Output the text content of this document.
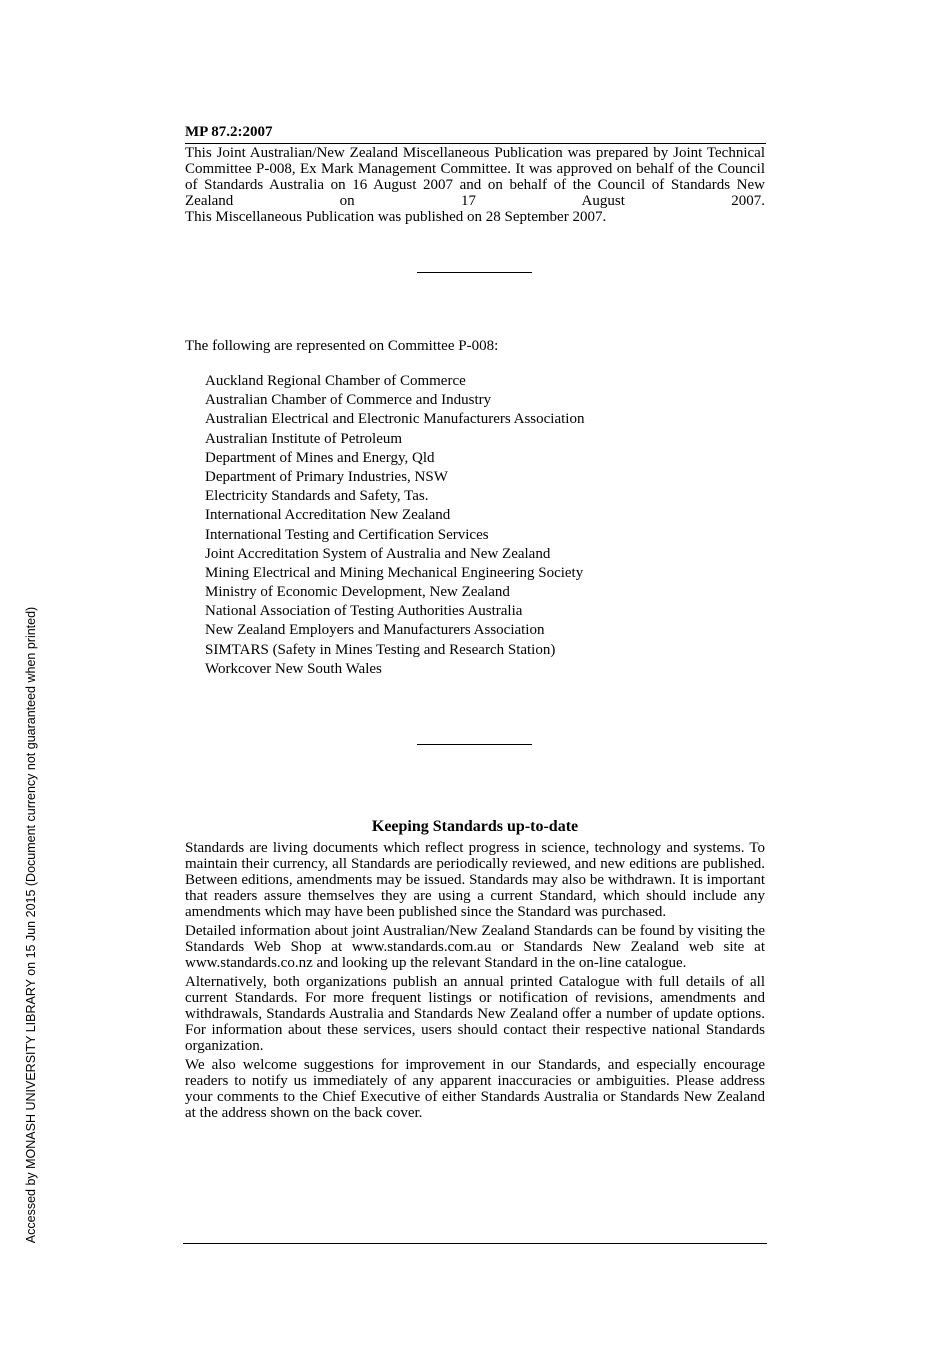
MP 87.2:2007

This Joint Australian/New Zealand Miscellaneous Publication was prepared by Joint Technical Committee P-008, Ex Mark Management Committee. It was approved on behalf of the Council of Standards Australia on 16 August 2007 and on behalf of the Council of Standards New Zealand on 17 August 2007.

This Miscellaneous Publication was published on 28 September 2007.

The following are represented on Committee P-008:
Auckland Regional Chamber of Commerce
Australian Chamber of Commerce and Industry
Australian Electrical and Electronic Manufacturers Association
Australian Institute of Petroleum
Department of Mines and Energy, Qld
Department of Primary Industries, NSW
Electricity Standards and Safety, Tas.
International Accreditation New Zealand
International Testing and Certification Services
Joint Accreditation System of Australia and New Zealand
Mining Electrical and Mining Mechanical Engineering Society
Ministry of Economic Development, New Zealand
National Association of Testing Authorities Australia
New Zealand Employers and Manufacturers Association
SIMTARS (Safety in Mines Testing and Research Station)
Workcover New South Wales
Keeping Standards up-to-date

Standards are living documents which reflect progress in science, technology and systems. To maintain their currency, all Standards are periodically reviewed, and new editions are published. Between editions, amendments may be issued. Standards may also be withdrawn. It is important that readers assure themselves they are using a current Standard, which should include any amendments which may have been published since the Standard was purchased.

Detailed information about joint Australian/New Zealand Standards can be found by visiting the Standards Web Shop at www.standards.com.au or Standards New Zealand web site at www.standards.co.nz and looking up the relevant Standard in the on-line catalogue.

Alternatively, both organizations publish an annual printed Catalogue with full details of all current Standards. For more frequent listings or notification of revisions, amendments and withdrawals, Standards Australia and Standards New Zealand offer a number of update options. For information about these services, users should contact their respective national Standards organization.

We also welcome suggestions for improvement in our Standards, and especially encourage readers to notify us immediately of any apparent inaccuracies or ambiguities. Please address your comments to the Chief Executive of either Standards Australia or Standards New Zealand at the address shown on the back cover.

Accessed by MONASH UNIVERSITY LIBRARY on 15 Jun 2015 (Document currency not guaranteed when printed)
